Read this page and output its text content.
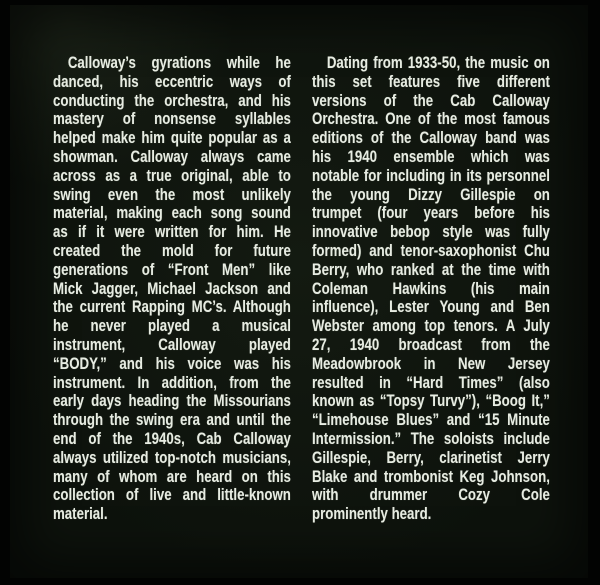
Calloway’s gyrations while he
danced, his eccentric ways of
conducting the orchestra, and his
mastery of nonsense syllables
helped make him quite popular as a
showman. Calloway always came
across as a true original, able to
swing even the most unlikely
material, making each song sound
as if it were written for him. He
created the mold for future
generations of “Front Men” like
Mick Jagger, Michael Jackson and
the current Rapping MC’s. Although
he never played a musical
instrument, Calloway played
“BODY,” and his voice was his
instrument. In addition, from the
early days heading the Missourians
through the swing era and until the
end of the 1940s, Cab Calloway
always utilized top-notch musicians,
many of whom are heard on this
collection of live and little-known
material.
Dating from 1933-50, the music on
this set features five different
versions of the Cab Calloway
Orchestra. One of the most famous
editions of the Calloway band was
his 1940 ensemble which was
notable for including in its personnel
the young Dizzy Gillespie on
trumpet (four years before his
innovative bebop style was fully
formed) and tenor-saxophonist Chu
Berry, who ranked at the time with
Coleman Hawkins (his main
influence), Lester Young and Ben
Webster among top tenors. A July
27, 1940 broadcast from the
Meadowbrook in New Jersey
resulted in “Hard Times” (also
known as “Topsy Turvy”), “Boog It,”
“Limehouse Blues” and “15 Minute
Intermission.” The soloists include
Gillespie, Berry, clarinetist Jerry
Blake and trombonist Keg Johnson,
with drummer Cozy Cole
prominently heard.
